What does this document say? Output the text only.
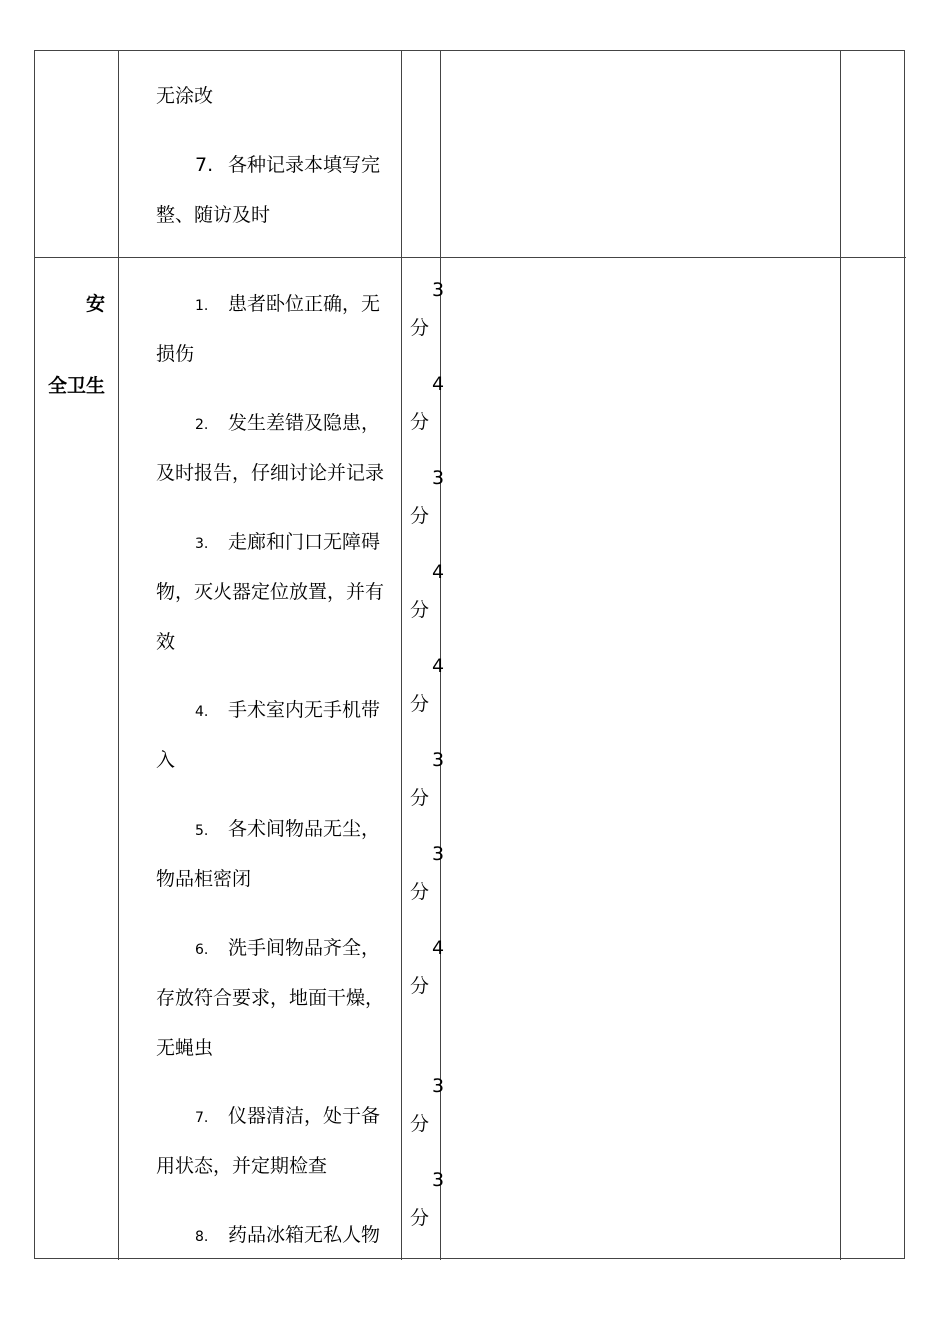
无涂改
7. 各种记录本填写完
整、随访及时
安
全卫生
1. 患者卧位正确，无
损伤
2. 发生差错及隐患，
及时报告，仔细讨论并记录
3. 走廊和门口无障碍
物，灭火器定位放置，并有
效
4. 手术室内无手机带
入
5. 各术间物品无尘，
物品柜密闭
6. 洗手间物品齐全，
存放符合要求，地面干燥，
无蝇虫
7. 仪器清洁，处于备
用状态，并定期检查
8. 药品冰箱无私人物
3
分
4
分
3
分
4
分
4
分
3
分
3
分
4
分
3
分
3
分
